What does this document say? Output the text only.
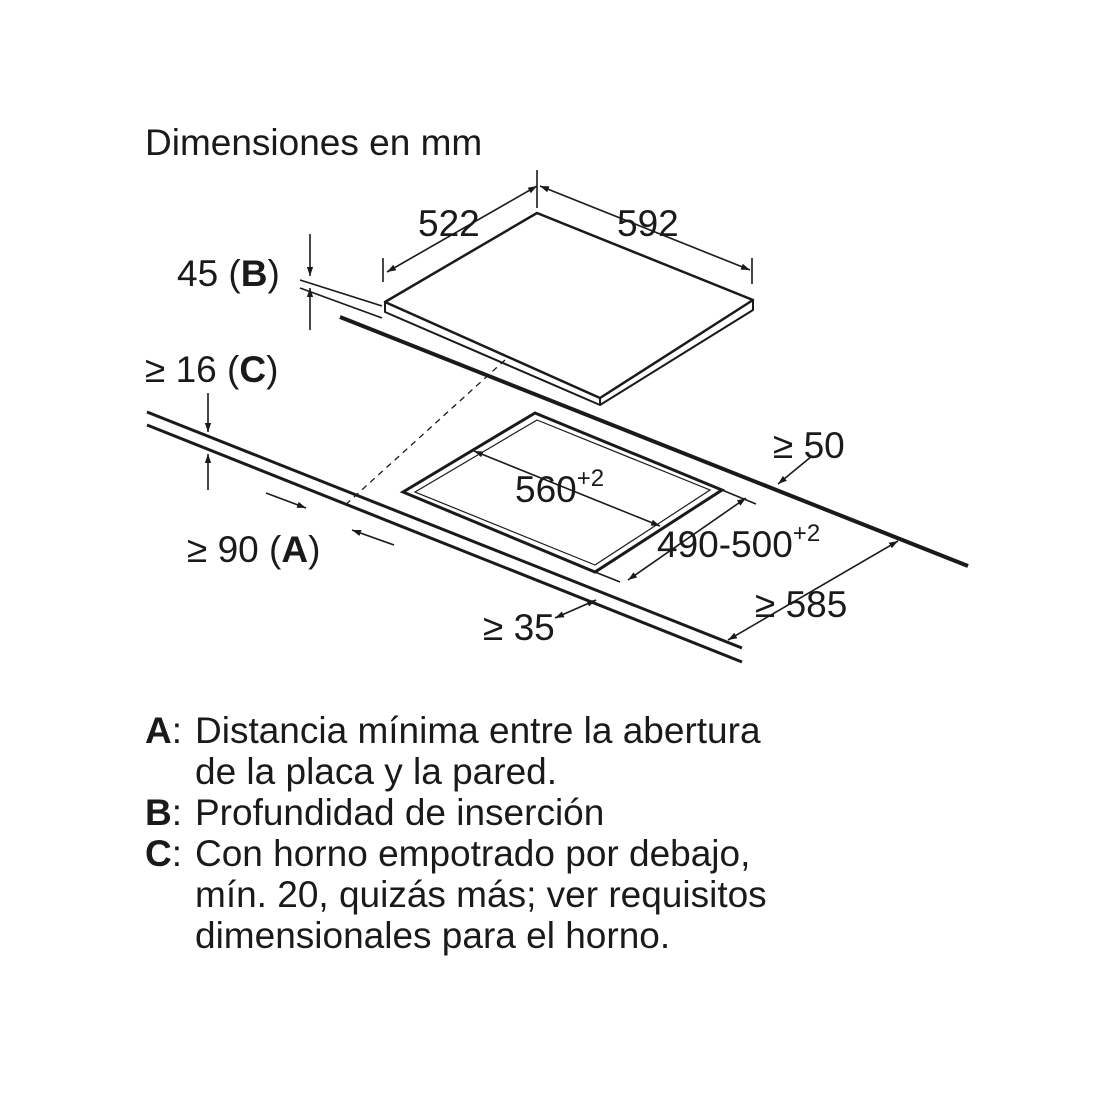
Dimensiones en mm
522	592
45 (B)
≥ 16 (C)
$560^{+2}$
≥ 50
$490-500^{+2}$
≥ 90 (A)
≥ 585
≥ 35
A: Distancia mínima entre la abertura
de la placa y la pared.
B: Profundidad de inserción
C: Con horno empotrado por debajo,
mín. 20, quizás más; ver requisitos
dimensionales para el horno.
